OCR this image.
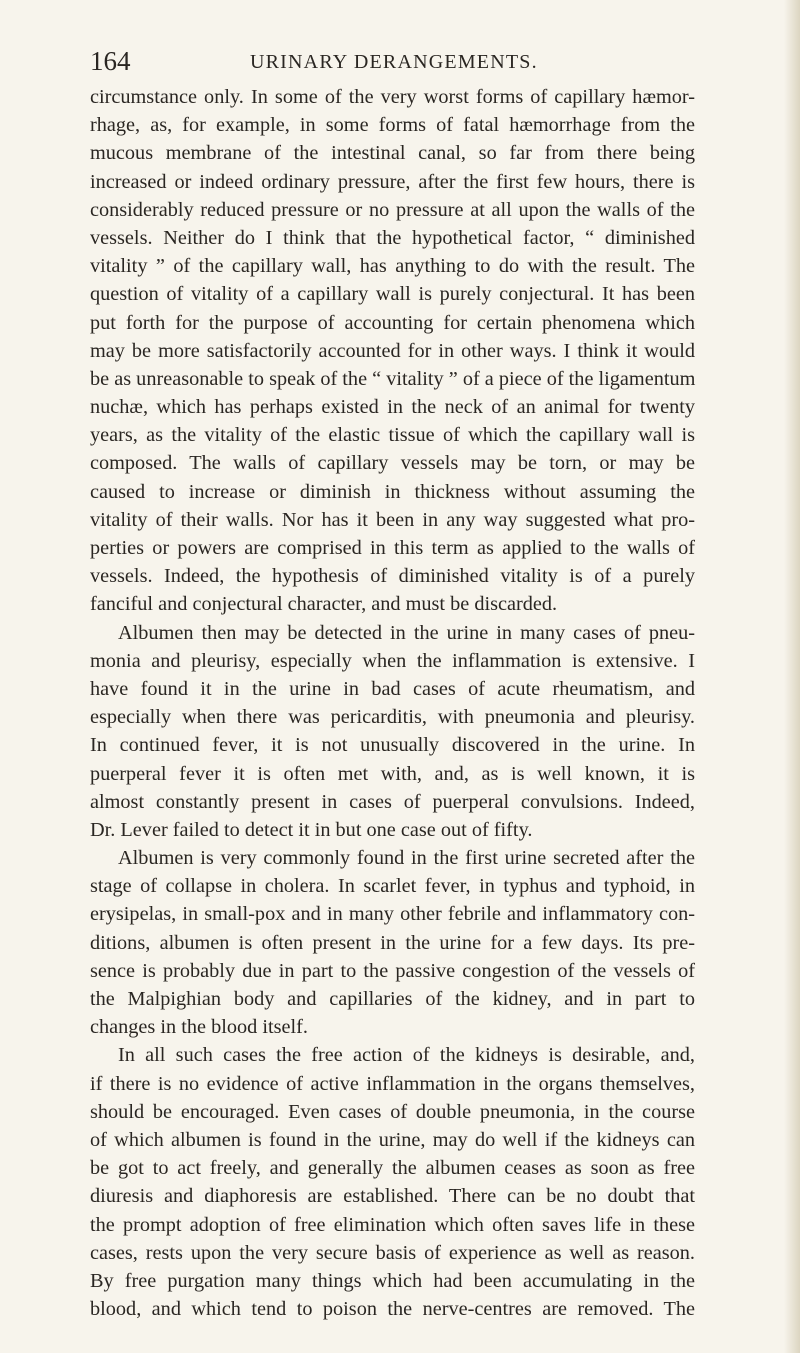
164	URINARY DERANGEMENTS.
circumstance only. In some of the very worst forms of capillary hæmor-
rhage, as, for example, in some forms of fatal hæmorrhage from the
mucous membrane of the intestinal canal, so far from there being
increased or indeed ordinary pressure, after the first few hours, there is
considerably reduced pressure or no pressure at all upon the walls of the
vessels. Neither do I think that the hypothetical factor, “ diminished
vitality ” of the capillary wall, has anything to do with the result. The
question of vitality of a capillary wall is purely conjectural. It has been
put forth for the purpose of accounting for certain phenomena which
may be more satisfactorily accounted for in other ways. I think it would
be as unreasonable to speak of the “ vitality ” of a piece of the ligamentum
nuchæ, which has perhaps existed in the neck of an animal for twenty
years, as the vitality of the elastic tissue of which the capillary wall is
composed. The walls of capillary vessels may be torn, or may be
caused to increase or diminish in thickness without assuming the
vitality of their walls. Nor has it been in any way suggested what pro-
perties or powers are comprised in this term as applied to the walls of
vessels. Indeed, the hypothesis of diminished vitality is of a purely
fanciful and conjectural character, and must be discarded.
Albumen then may be detected in the urine in many cases of pneu-
monia and pleurisy, especially when the inflammation is extensive. I
have found it in the urine in bad cases of acute rheumatism, and
especially when there was pericarditis, with pneumonia and pleurisy.
In continued fever, it is not unusually discovered in the urine. In
puerperal fever it is often met with, and, as is well known, it is
almost constantly present in cases of puerperal convulsions. Indeed,
Dr. Lever failed to detect it in but one case out of fifty.
Albumen is very commonly found in the first urine secreted after the
stage of collapse in cholera. In scarlet fever, in typhus and typhoid, in
erysipelas, in small-pox and in many other febrile and inflammatory con-
ditions, albumen is often present in the urine for a few days. Its pre-
sence is probably due in part to the passive congestion of the vessels of
the Malpighian body and capillaries of the kidney, and in part to
changes in the blood itself.
In all such cases the free action of the kidneys is desirable, and,
if there is no evidence of active inflammation in the organs themselves,
should be encouraged. Even cases of double pneumonia, in the course
of which albumen is found in the urine, may do well if the kidneys can
be got to act freely, and generally the albumen ceases as soon as free
diuresis and diaphoresis are established. There can be no doubt that
the prompt adoption of free elimination which often saves life in these
cases, rests upon the very secure basis of experience as well as reason.
By free purgation many things which had been accumulating in the
blood, and which tend to poison the nerve-centres are removed. The
